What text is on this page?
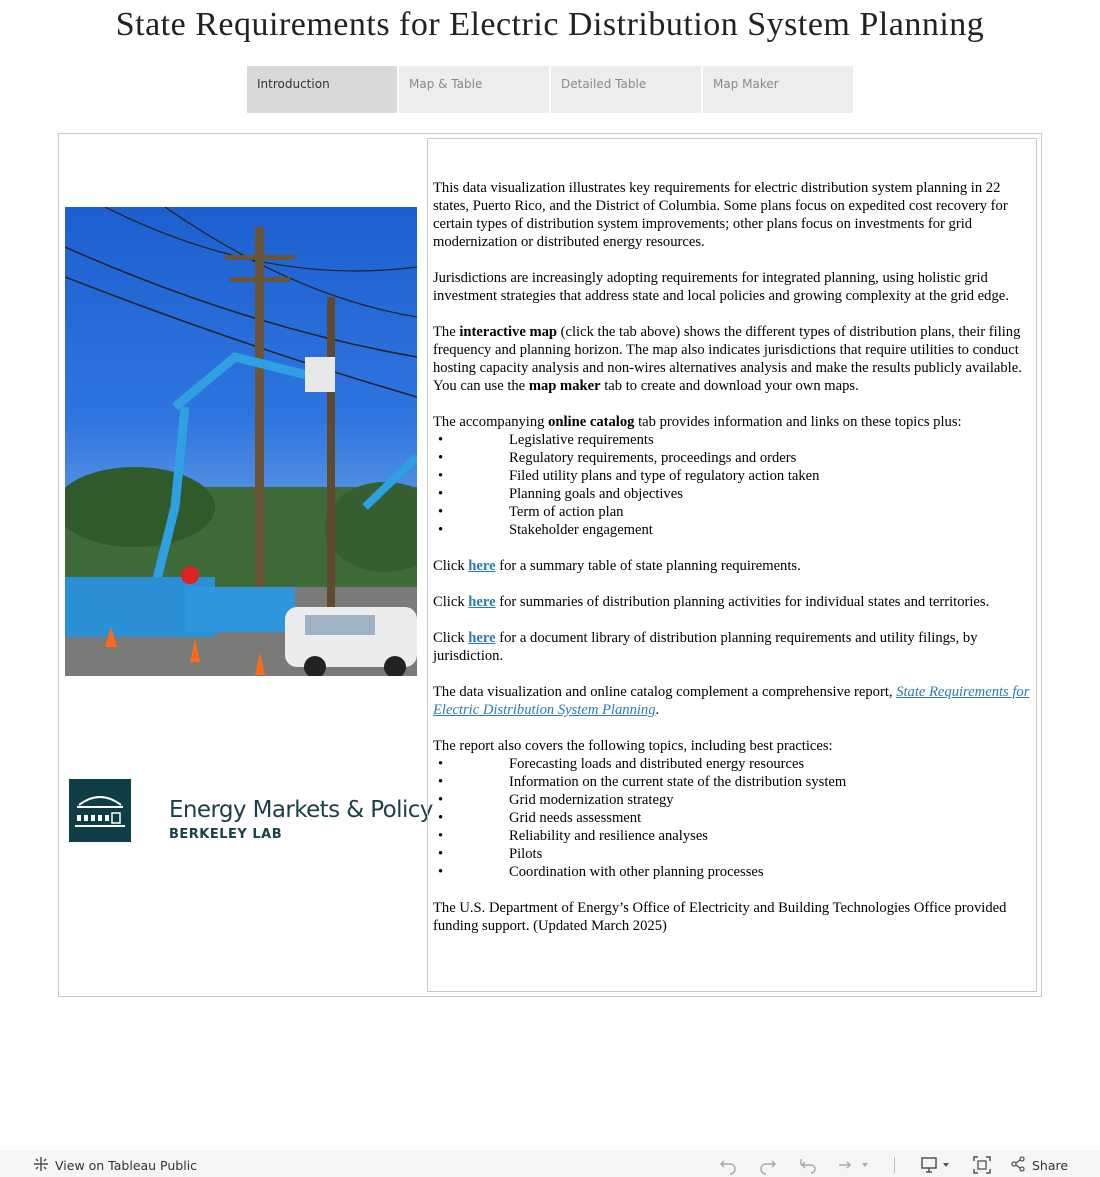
State Requirements for Electric Distribution System Planning
Introduction	Map & Table	Detailed Table	Map Maker
Energy Markets & Policy
BERKELEY LAB

This data visualization illustrates key requirements for electric distribution system planning in 22 states, Puerto Rico, and the District of Columbia. Some plans focus on expedited cost recovery for certain types of distribution system improvements; other plans focus on investments for grid modernization or distributed energy resources.

Jurisdictions are increasingly adopting requirements for integrated planning, using holistic grid investment strategies that address state and local policies and growing complexity at the grid edge.

The interactive map (click the tab above) shows the different types of distribution plans, their filing frequency and planning horizon. The map also indicates jurisdictions that require utilities to conduct hosting capacity analysis and non-wires alternatives analysis and make the results publicly available. You can use the map maker tab to create and download your own maps.

The accompanying online catalog tab provides information and links on these topics plus:
• Legislative requirements
• Regulatory requirements, proceedings and orders
• Filed utility plans and type of regulatory action taken
• Planning goals and objectives
• Term of action plan
• Stakeholder engagement

Click here for a summary table of state planning requirements.

Click here for summaries of distribution planning activities for individual states and territories.

Click here for a document library of distribution planning requirements and utility filings, by jurisdiction.

The data visualization and online catalog complement a comprehensive report, State Requirements for Electric Distribution System Planning.

The report also covers the following topics, including best practices:
• Forecasting loads and distributed energy resources
• Information on the current state of the distribution system
• Grid modernization strategy
• Grid needs assessment
• Reliability and resilience analyses
• Pilots
• Coordination with other planning processes

The U.S. Department of Energy’s Office of Electricity and Building Technologies Office provided funding support. (Updated March 2025)

View on Tableau Public	Share
